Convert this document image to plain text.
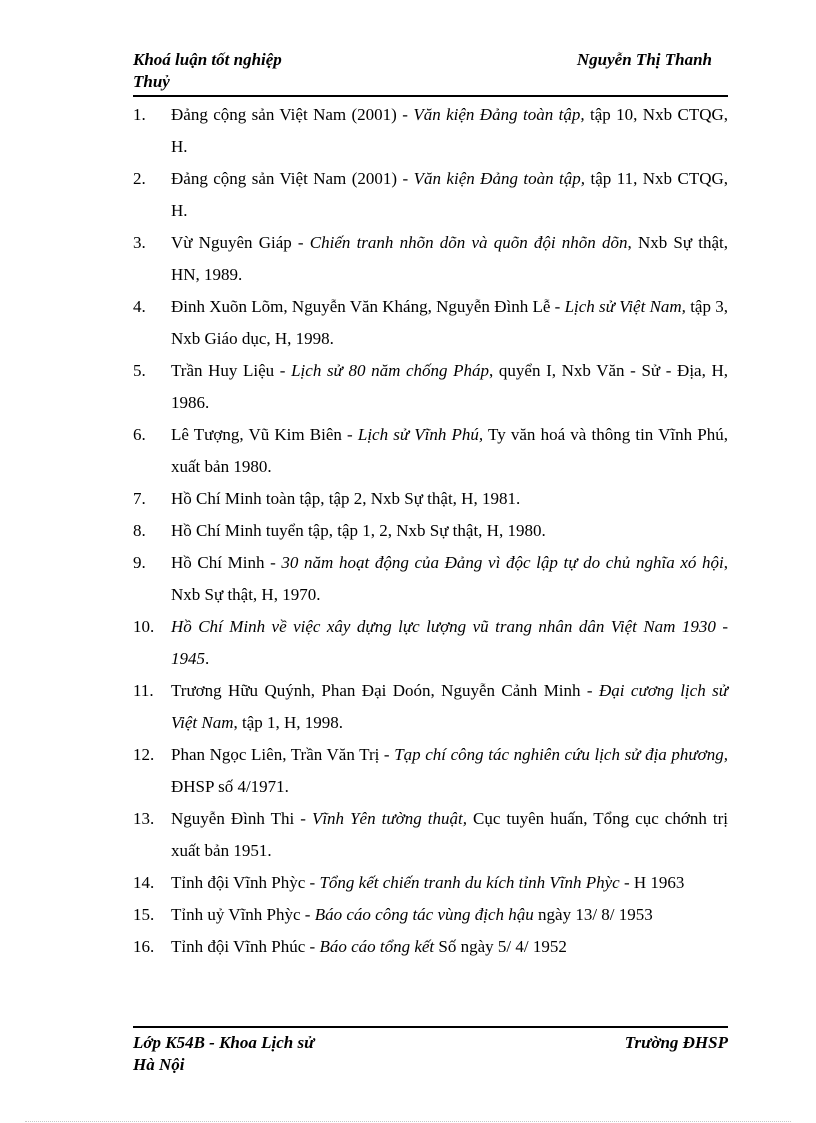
Khoá luận tốt nghiệp	Nguyễn Thị Thanh
Thuỷ
1. Đảng cộng sản Việt Nam (2001) - Văn kiện Đảng toàn tập, tập 10, Nxb CTQG, H.
2. Đảng cộng sản Việt Nam (2001) - Văn kiện Đảng toàn tập, tập 11, Nxb CTQG, H.
3. Vừ Nguyên Giáp - Chiến tranh nhõn dõn và quõn đội nhõn dõn, Nxb Sự thật, HN, 1989.
4. Đinh Xuõn Lõm, Nguyễn Văn Kháng, Nguyễn Đình Lễ - Lịch sử Việt Nam, tập 3, Nxb Giáo dục, H, 1998.
5. Trần Huy Liệu - Lịch sử 80 năm chống Pháp, quyển I, Nxb Văn - Sử - Địa, H, 1986.
6. Lê Tượng, Vũ Kim Biên - Lịch sử Vĩnh Phú, Ty văn hoá và thông tin Vĩnh Phú, xuất bản 1980.
7. Hồ Chí Minh toàn tập, tập 2, Nxb Sự thật, H, 1981.
8. Hồ Chí Minh tuyển tập, tập 1, 2, Nxb Sự thật, H, 1980.
9. Hồ Chí Minh - 30 năm hoạt động của Đảng vì độc lập tự do chủ nghĩa xó hội, Nxb Sự thật, H, 1970.
10. Hồ Chí Minh về việc xây dựng lực lượng vũ trang nhân dân Việt Nam 1930 - 1945.
11. Trương Hữu Quýnh, Phan Đại Doón, Nguyễn Cảnh Minh - Đại cương lịch sử Việt Nam, tập 1, H, 1998.
12. Phan Ngọc Liên, Trần Văn Trị - Tạp chí công tác nghiên cứu lịch sử địa phương, ĐHSP số 4/1971.
13. Nguyễn Đình Thi - Vĩnh Yên tường thuật, Cục tuyên huấn, Tổng cục chớnh trị xuất bản 1951.
14. Tỉnh đội Vĩnh Phỳc - Tổng kết chiến tranh du kích tỉnh Vĩnh Phỳc - H 1963
15. Tỉnh uỷ Vĩnh Phỳc - Báo cáo công tác vùng địch hậu ngày 13/ 8/ 1953
16. Tỉnh đội Vĩnh Phúc - Báo cáo tổng kết Số ngày 5/ 4/ 1952
Lớp K54B - Khoa Lịch sử	Trường ĐHSP
Hà Nội
